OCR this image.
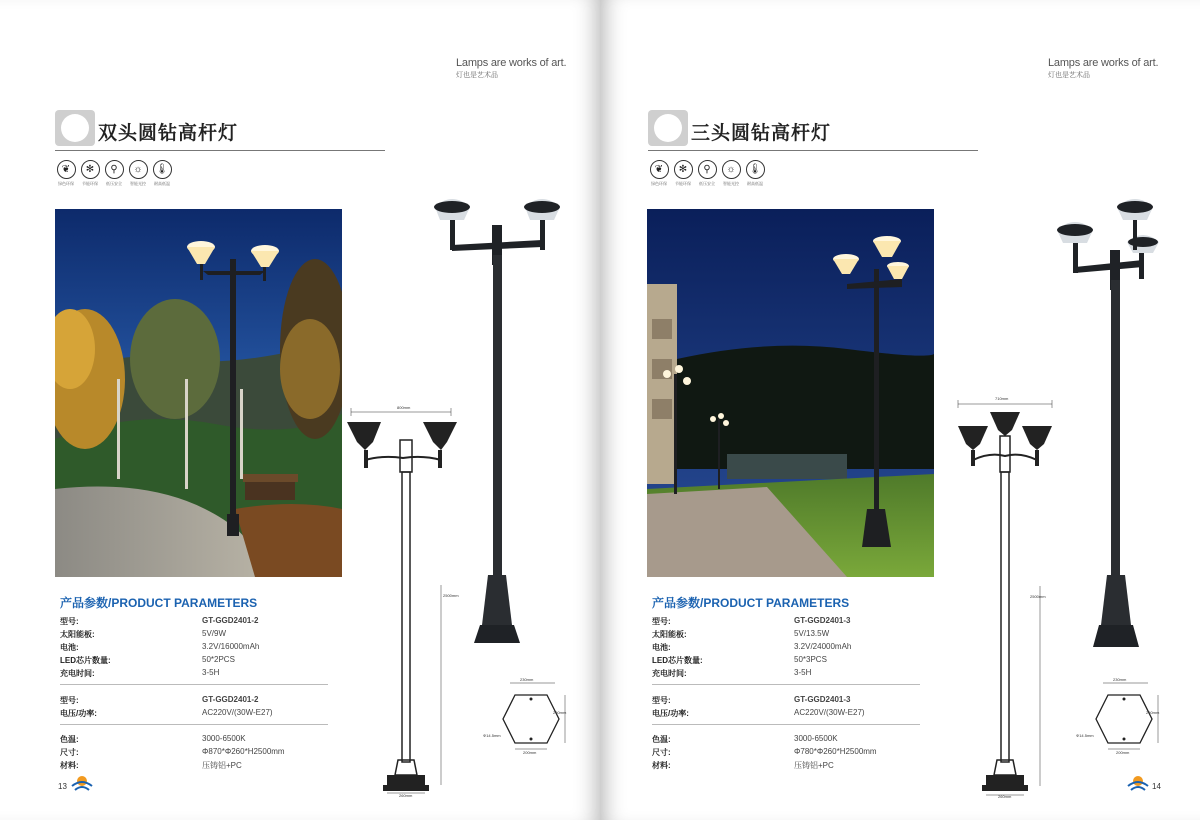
Lamps are works of art.
灯也是艺术品
双头圆钻高杆灯
❦
绿色环保
✻
节能环保
⚲
低压安全
☼
智能光控
🌡
耐高低温
800mm
2500mm
260mm
230mm
260mm
Φ14.5mm
200mm
产品参数/PRODUCT PARAMETERS
型号:	GT-GGD2401-2
太阳能板:	5V/9W
电池:	3.2V/16000mAh
LED芯片数量:	50*2PCS
充电时间:	3-5H
型号:	GT-GGD2401-2
电压/功率:	AC220V/(30W-E27)
色温:	3000-6500K
尺寸:	Φ870*Φ260*H2500mm
材料:	压铸铝+PC
13
Lamps are works of art.
灯也是艺术品
三头圆钻高杆灯
❦
绿色环保
✻
节能环保
⚲
低压安全
☼
智能光控
🌡
耐高低温
710mm
2500mm
260mm
230mm
260mm
Φ14.5mm
200mm
产品参数/PRODUCT PARAMETERS
型号:	GT-GGD2401-3
太阳能板:	5V/13.5W
电池:	3.2V/24000mAh
LED芯片数量:	50*3PCS
充电时间:	3-5H
型号:	GT-GGD2401-3
电压/功率:	AC220V/(30W-E27)
色温:	3000-6500K
尺寸:	Φ780*Φ260*H2500mm
材料:	压铸铝+PC
14
